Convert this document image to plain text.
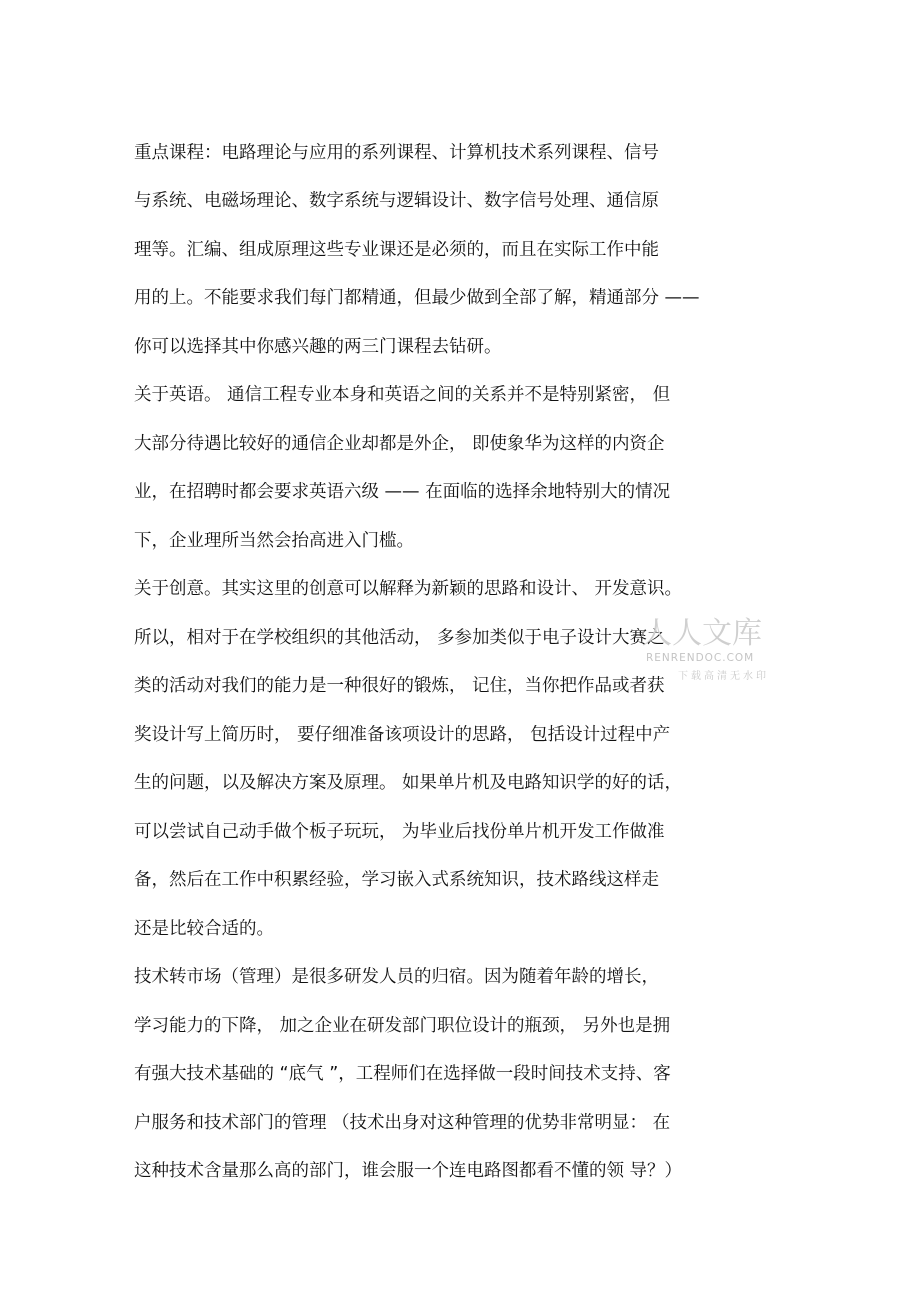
重点课程：电路理论与应用的系列课程、计算机技术系列课程、信号
与系统、电磁场理论、数字系统与逻辑设计、数字信号处理、通信原
理等。汇编、组成原理这些专业课还是必须的，而且在实际工作中能
用的上。不能要求我们每门都精通，但最少做到全部了解，精通部分 ——
你可以选择其中你感兴趣的两三门课程去钻研。
关于英语。 通信工程专业本身和英语之间的关系并不是特别紧密， 但
大部分待遇比较好的通信企业却都是外企， 即使象华为这样的内资企
业，在招聘时都会要求英语六级 —— 在面临的选择余地特别大的情况
下，企业理所当然会抬高进入门槛。
关于创意。其实这里的创意可以解释为新颖的思路和设计、 开发意识。
所以，相对于在学校组织的其他活动， 多参加类似于电子设计大赛之
类的活动对我们的能力是一种很好的锻炼， 记住，当你把作品或者获
奖设计写上简历时， 要仔细准备该项设计的思路， 包括设计过程中产
生的问题，以及解决方案及原理。 如果单片机及电路知识学的好的话，
可以尝试自己动手做个板子玩玩， 为毕业后找份单片机开发工作做准
备，然后在工作中积累经验，学习嵌入式系统知识，技术路线这样走
还是比较合适的。
技术转市场（管理）是很多研发人员的归宿。因为随着年龄的增长，
学习能力的下降， 加之企业在研发部门职位设计的瓶颈， 另外也是拥
有强大技术基础的 “底气 ”，工程师们在选择做一段时间技术支持、客
户服务和技术部门的管理 （技术出身对这种管理的优势非常明显： 在
这种技术含量那么高的部门，谁会服一个连电路图都看不懂的领 导？）
人人文库
RENRENDOC.COM
下载高清无水印
